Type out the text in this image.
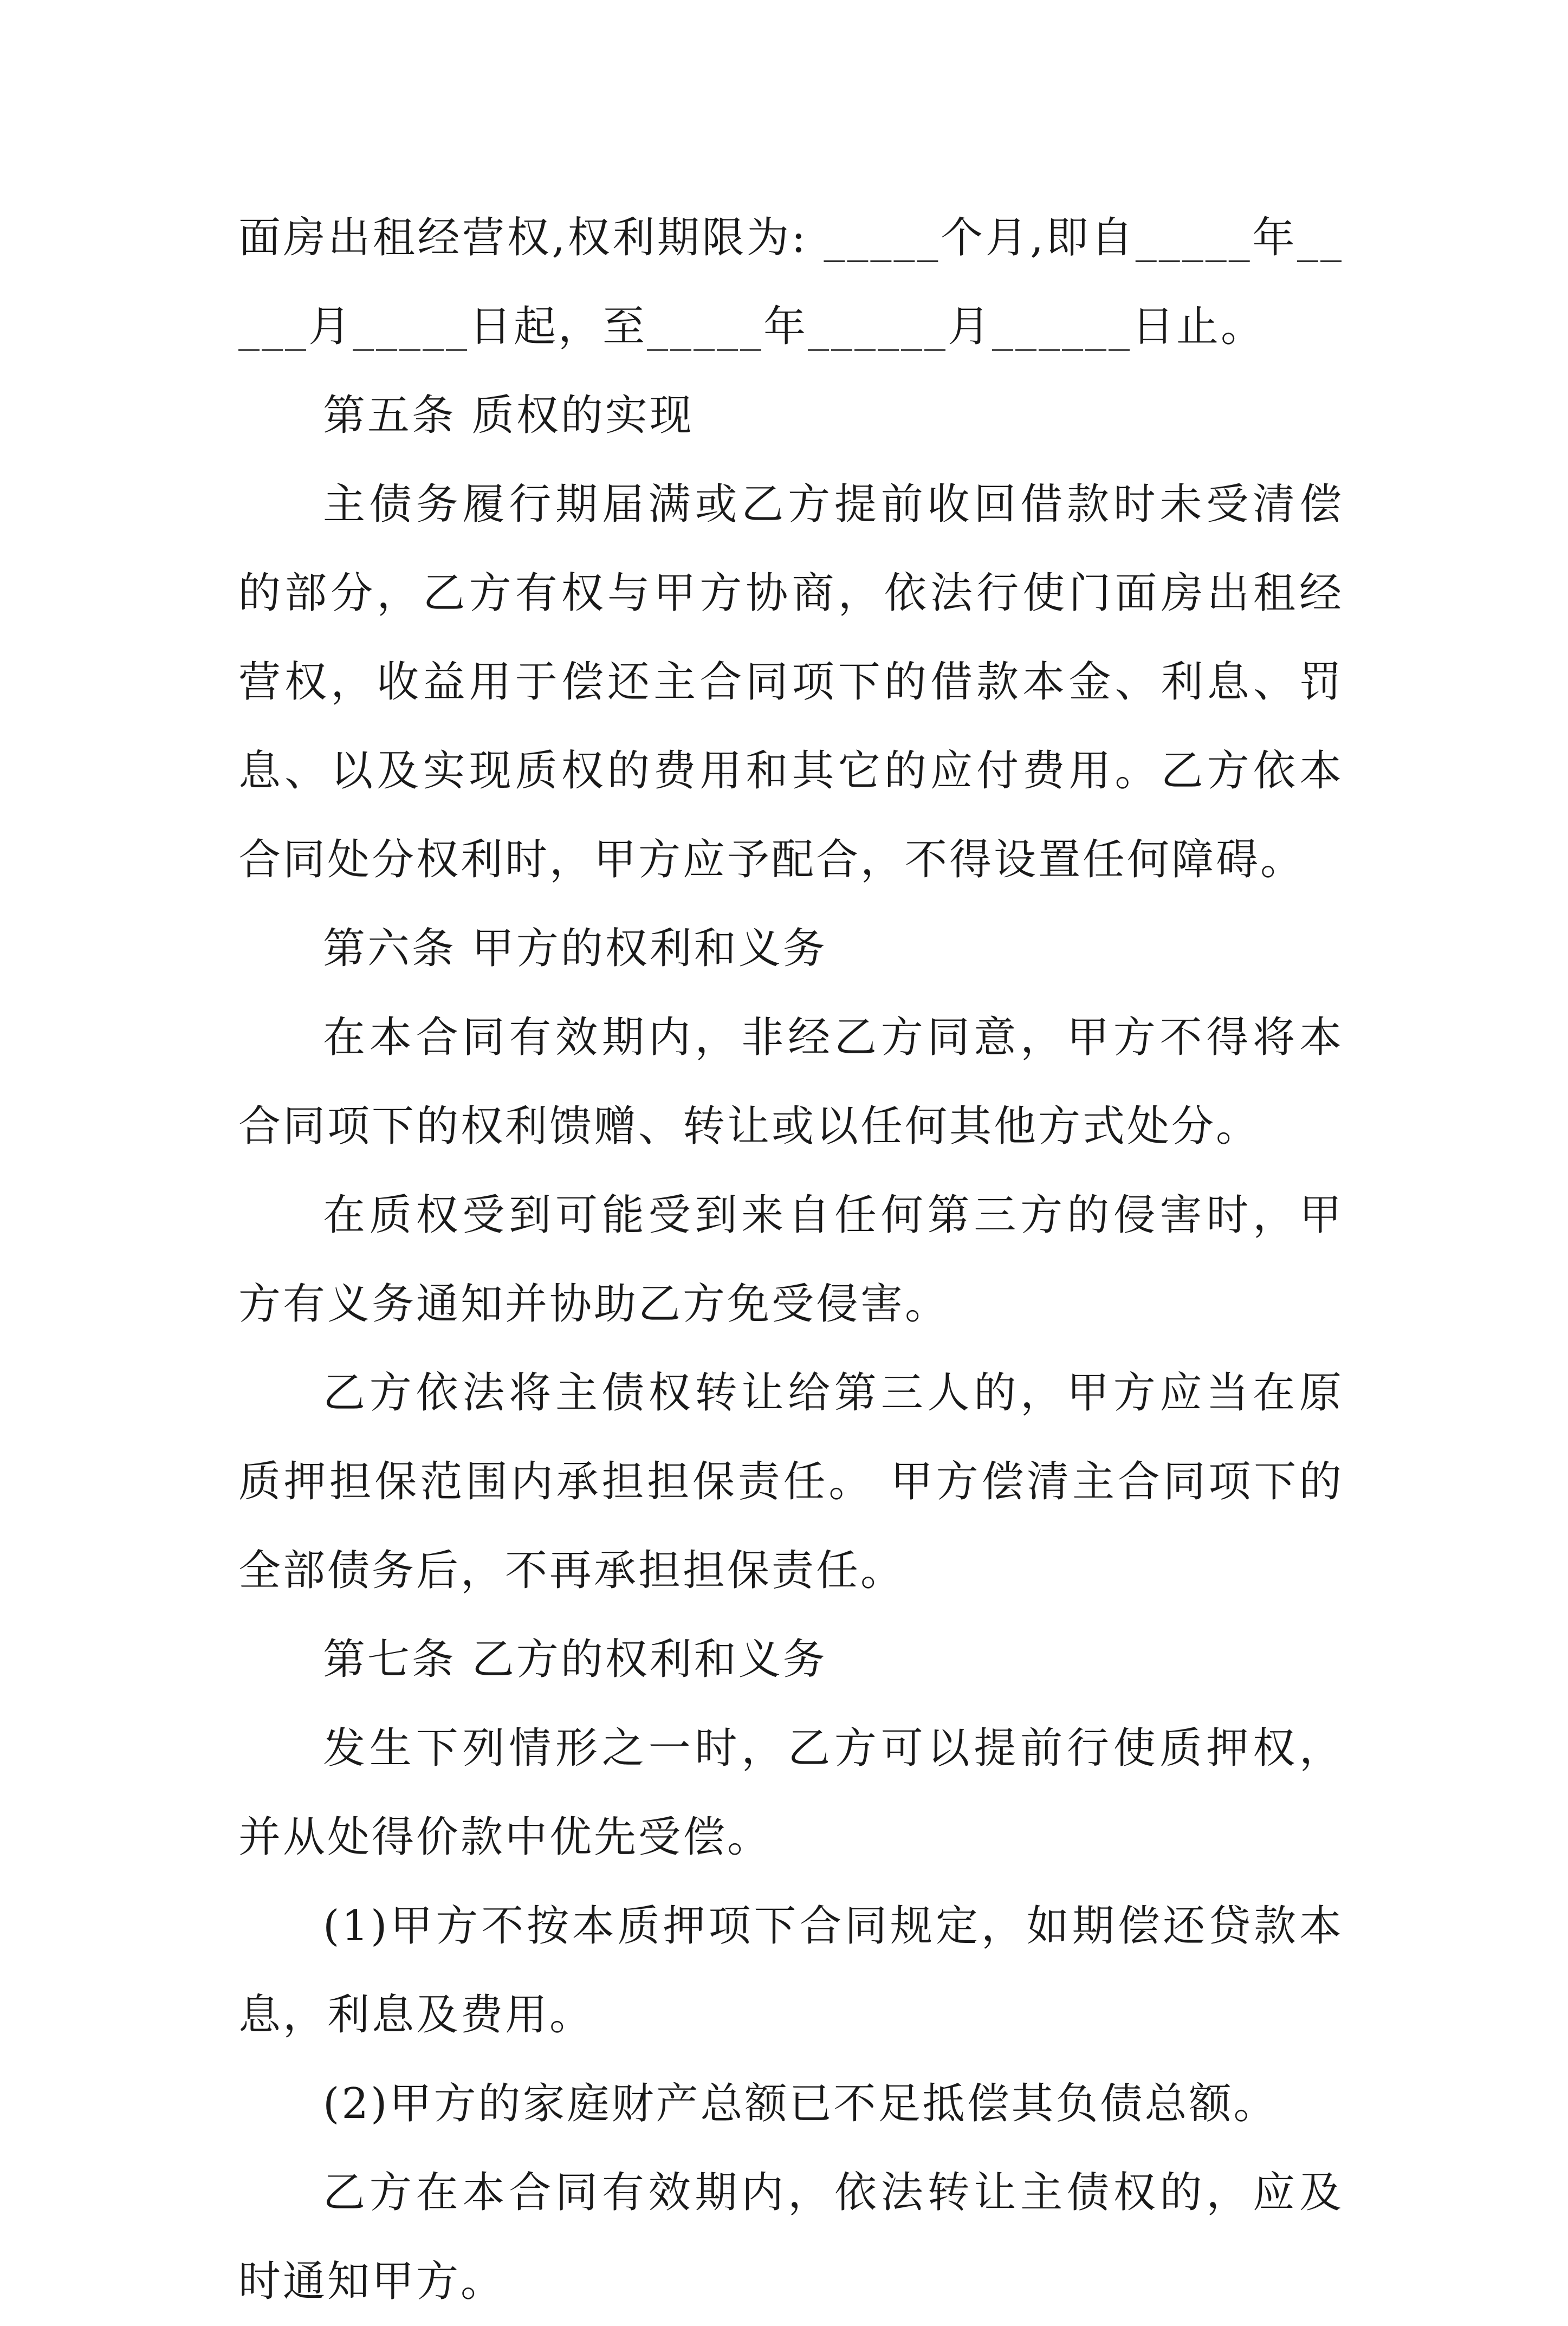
面房出租经营权,权利期限为: _____个月,即自_____年_____月_____日起，至_____年______月______日止。

第五条 质权的实现

主债务履行期届满或乙方提前收回借款时未受清偿的部分，乙方有权与甲方协商，依法行使门面房出租经营权，收益用于偿还主合同项下的借款本金、利息、罚息、以及实现质权的费用和其它的应付费用。乙方依本合同处分权利时，甲方应予配合，不得设置任何障碍。

第六条 甲方的权利和义务

在本合同有效期内，非经乙方同意，甲方不得将本合同项下的权利馈赠、转让或以任何其他方式处分。

在质权受到可能受到来自任何第三方的侵害时，甲方有义务通知并协助乙方免受侵害。

乙方依法将主债权转让给第三人的，甲方应当在原质押担保范围内承担担保责任。 甲方偿清主合同项下的全部债务后，不再承担担保责任。

第七条 乙方的权利和义务

发生下列情形之一时，乙方可以提前行使质押权，并从处得价款中优先受偿。

(1)甲方不按本质押项下合同规定，如期偿还贷款本息，利息及费用。

(2)甲方的家庭财产总额已不足抵偿其负债总额。

乙方在本合同有效期内，依法转让主债权的，应及时通知甲方。
